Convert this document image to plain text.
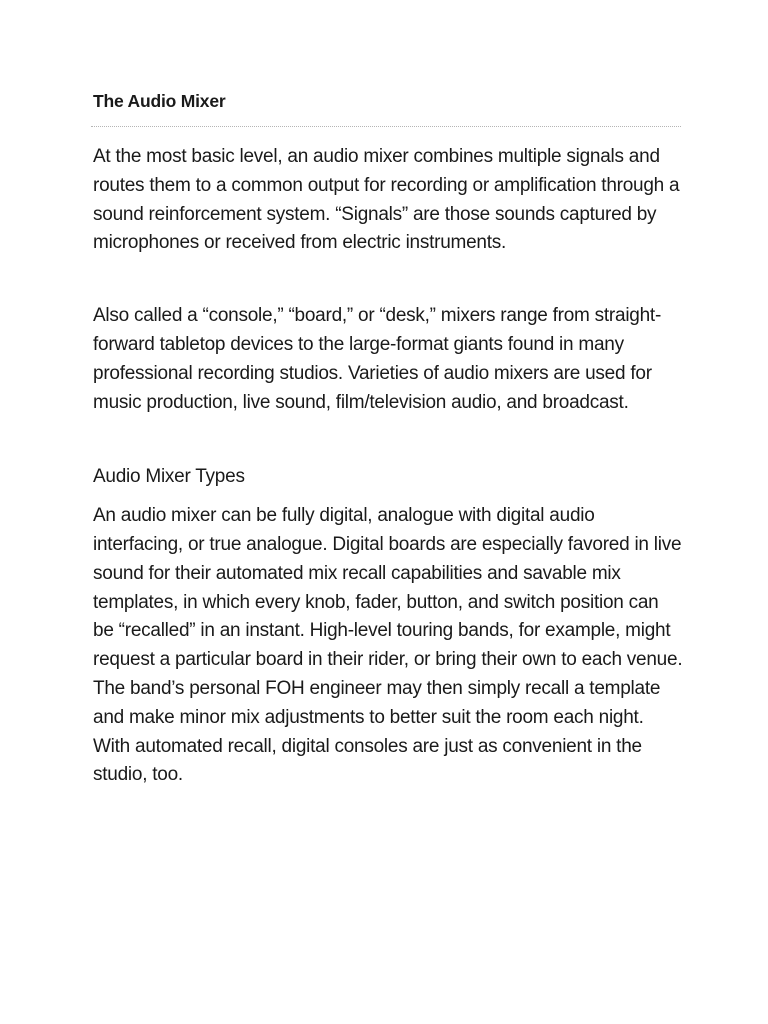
The Audio Mixer

At the most basic level, an audio mixer combines multiple signals and routes them to a common output for recording or amplification through a sound reinforcement system. “Signals” are those sounds captured by microphones or received from electric instruments.

Also called a “console,” “board,” or “desk,” mixers range from straight-forward tabletop devices to the large-format giants found in many professional recording studios. Varieties of audio mixers are used for music production, live sound, film/television audio, and broadcast.

Audio Mixer Types

An audio mixer can be fully digital, analogue with digital audio interfacing, or true analogue. Digital boards are especially favored in live sound for their automated mix recall capabilities and savable mix templates, in which every knob, fader, button, and switch position can be “recalled” in an instant. High-level touring bands, for example, might request a particular board in their rider, or bring their own to each venue. The band’s personal FOH engineer may then simply recall a template and make minor mix adjustments to better suit the room each night. With automated recall, digital consoles are just as convenient in the studio, too.
